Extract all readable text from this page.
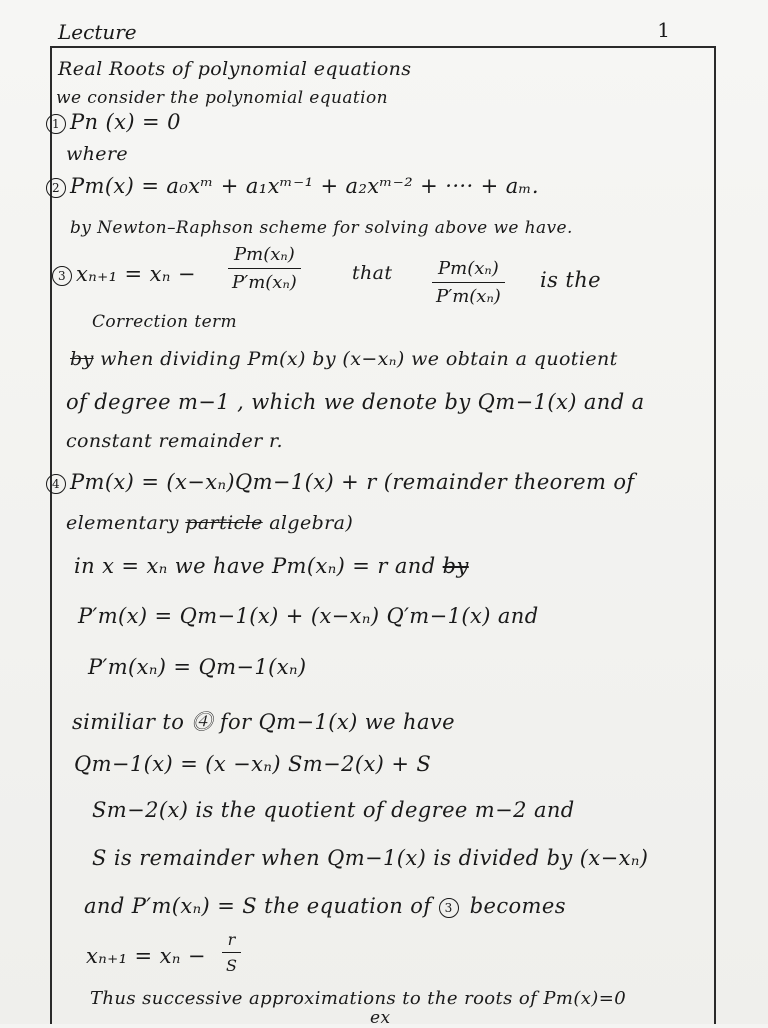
Lecture	1
Real Roots of polynomial equations
we consider the polynomial equation
1 Pn (x) = 0
where
2 Pm(x) = a₀xᵐ + a₁xᵐ⁻¹ + a₂xᵐ⁻² + ···· + aₘ.
by Newton–Raphson scheme for solving above we have.
3 xₙ₊₁ = xₙ −
Pm(xₙ)
P′m(xₙ)	that	Pm(xₙ)
P′m(xₙ)
is the
Correction term
by when dividing Pm(x) by (x−xₙ) we obtain a quotient
of degree m−1 , which we denote by Qm−1(x) and a
constant remainder r.
4 Pm(x) = (x−xₙ)Qm−1(x) + r (remainder theorem of
elementary particle algebra)
in x = xₙ we have Pm(xₙ) = r and by
P′m(x) = Qm−1(x) + (x−xₙ) Q′m−1(x) and
P′m(xₙ) = Qm−1(xₙ)
similiar to ⓸ for Qm−1(x) we have
Qm−1(x) = (x −xₙ) Sm−2(x) + S
Sm−2(x) is the quotient of degree m−2 and
S is remainder when Qm−1(x) is divided by (x−xₙ)
and P′m(xₙ) = S the equation of 3 becomes
xₙ₊₁ = xₙ −
r
S
Thus successive approximations to the roots of Pm(x)=0
ex
